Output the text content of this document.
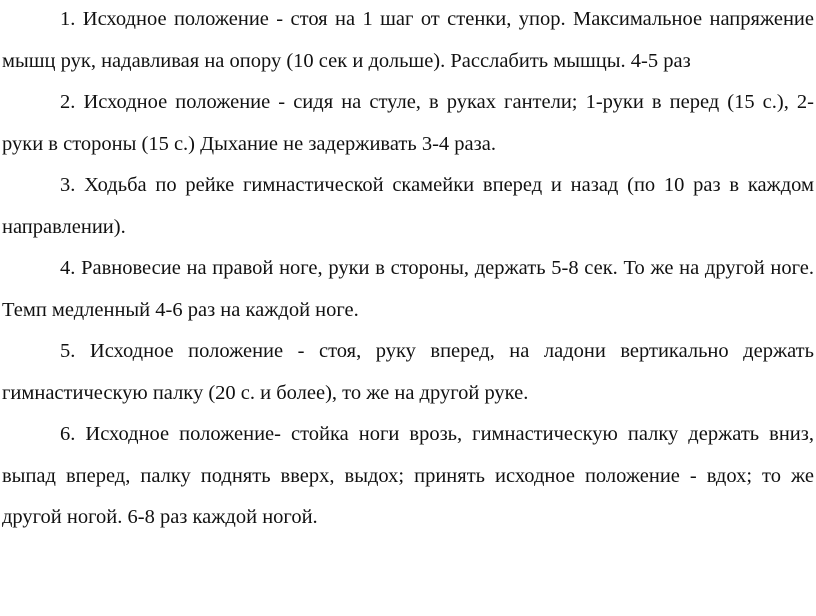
1. Исходное положение - стоя на 1 шаг от стенки, упор. Максимальное напряжение мышц рук, надавливая на опору (10 сек и дольше). Расслабить мышцы. 4-5 раз

2. Исходное положение - сидя на стуле, в руках гантели; 1-руки в перед (15 с.), 2- руки в стороны (15 с.) Дыхание не задерживать 3-4 раза.

3. Ходьба по рейке гимнастической скамейки вперед и назад (по 10 раз в каждом направлении).

4. Равновесие на правой ноге, руки в стороны, держать 5-8 сек. То же на другой ноге. Темп медленный 4-6 раз на каждой ноге.

5. Исходное положение - стоя, руку вперед, на ладони вертикально держать гимнастическую палку (20 с. и более), то же на другой руке.

6. Исходное положение- стойка ноги врозь, гимнастическую палку держать вниз, выпад вперед, палку поднять вверх, выдох; принять исходное положение - вдох; то же другой ногой. 6-8 раз каждой ногой.
